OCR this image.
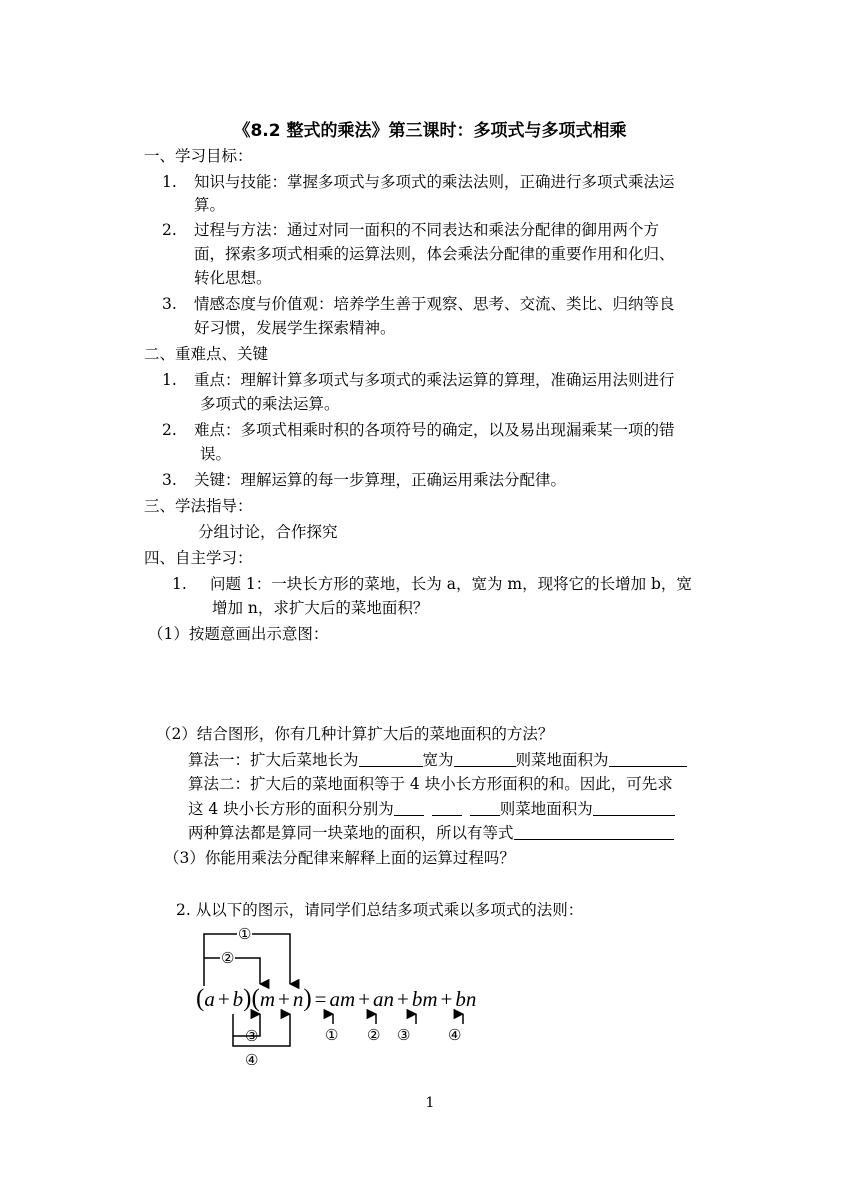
《8.2 整式的乘法》第三课时：多项式与多项式相乘
一、学习目标：
1. 知识与技能：掌握多项式与多项式的乘法法则，正确进行多项式乘法运
算。
2. 过程与方法：通过对同一面积的不同表达和乘法分配律的御用两个方
面，探索多项式相乘的运算法则，体会乘法分配律的重要作用和化归、
转化思想。
3. 情感态度与价值观：培养学生善于观察、思考、交流、类比、归纳等良
好习惯，发展学生探索精神。
二、重难点、关键
1. 重点：理解计算多项式与多项式的乘法运算的算理，准确运用法则进行
多项式的乘法运算。
2. 难点：多项式相乘时积的各项符号的确定，以及易出现漏乘某一项的错
误。
3. 关键：理解运算的每一步算理，正确运用乘法分配律。
三、学法指导：
分组讨论，合作探究
四、自主学习：
1. 问题 1：一块长方形的菜地，长为 a，宽为 m，现将它的长增加 b，宽
增加 n，求扩大后的菜地面积？
（1）按题意画出示意图：
（2）结合图形，你有几种计算扩大后的菜地面积的方法？
算法一：扩大后菜地长为	宽为	则菜地面积为
算法二：扩大后的菜地面积等于 4 块小长方形面积的和。因此，可先求
这 4 块小长方形的面积分别为	则菜地面积为
两种算法都是算同一块菜地的面积，所以有等式
（3）你能用乘法分配律来解释上面的运算过程吗？
2. 从以下的图示，请同学们总结多项式乘以多项式的法则：
①
②
③
④
① ② ③	④
(a + b)(m + n) = am + an + bm + bn
1
